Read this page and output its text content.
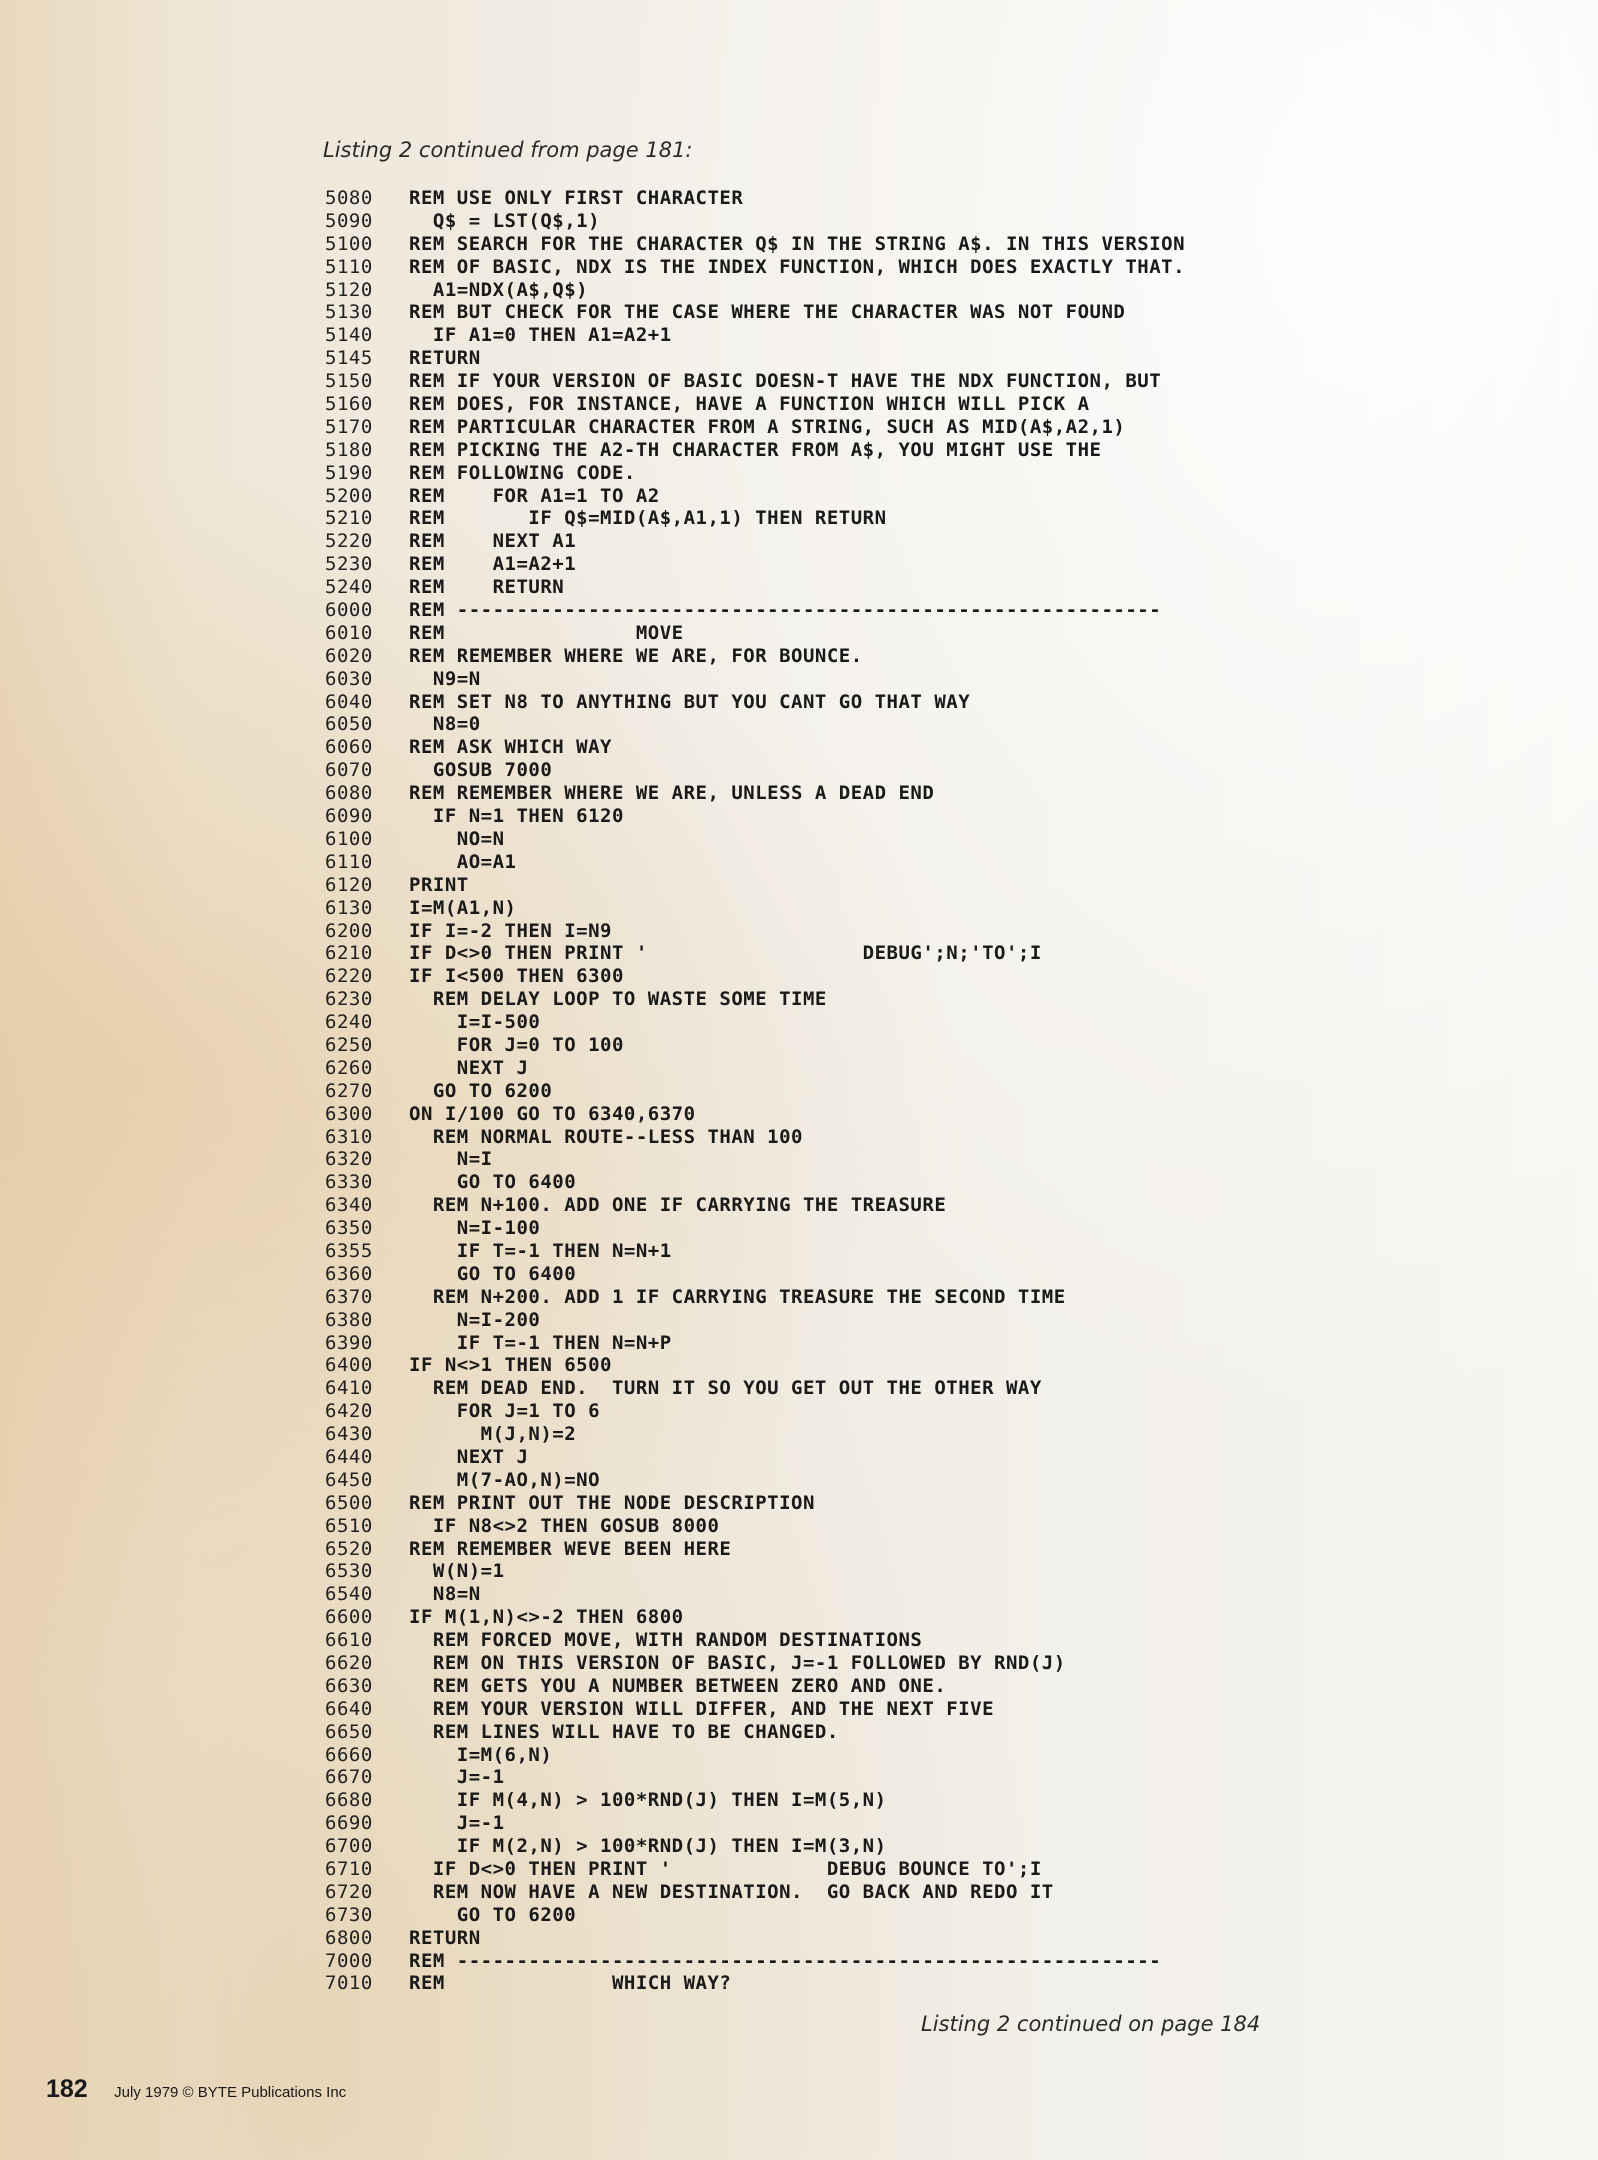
Listing 2 continued from page 181:
5080 REM USE ONLY FIRST CHARACTER
5090  Q$ = LST(Q$,1)
5100 REM SEARCH FOR THE CHARACTER Q$ IN THE STRING A$. IN THIS VERSION
5110 REM OF BASIC, NDX IS THE INDEX FUNCTION, WHICH DOES EXACTLY THAT.
5120  A1=NDX(A$,Q$)
5130 REM BUT CHECK FOR THE CASE WHERE THE CHARACTER WAS NOT FOUND
5140  IF A1=0 THEN A1=A2+1
5145 RETURN
5150 REM IF YOUR VERSION OF BASIC DOESN-T HAVE THE NDX FUNCTION, BUT
5160 REM DOES, FOR INSTANCE, HAVE A FUNCTION WHICH WILL PICK A
5170 REM PARTICULAR CHARACTER FROM A STRING, SUCH AS MID(A$,A2,1)
5180 REM PICKING THE A2-TH CHARACTER FROM A$, YOU MIGHT USE THE
5190 REM FOLLOWING CODE.
5200 REM    FOR A1=1 TO A2
5210 REM       IF Q$=MID(A$,A1,1) THEN RETURN
5220 REM    NEXT A1
5230 REM    A1=A2+1
5240 REM    RETURN
6000 REM -----------------------------------------------------------
6010 REM                MOVE
6020 REM REMEMBER WHERE WE ARE, FOR BOUNCE.
6030  N9=N
6040 REM SET N8 TO ANYTHING BUT YOU CANT GO THAT WAY
6050  N8=0
6060 REM ASK WHICH WAY
6070  GOSUB 7000
6080 REM REMEMBER WHERE WE ARE, UNLESS A DEAD END
6090  IF N=1 THEN 6120
6100    NO=N
6110    AO=A1
6120 PRINT
6130 I=M(A1,N)
6200 IF I=-2 THEN I=N9
6210 IF D<>0 THEN PRINT '                  DEBUG';N;'TO';I
6220 IF I<500 THEN 6300
6230  REM DELAY LOOP TO WASTE SOME TIME
6240    I=I-500
6250    FOR J=0 TO 100
6260    NEXT J
6270  GO TO 6200
6300 ON I/100 GO TO 6340,6370
6310  REM NORMAL ROUTE--LESS THAN 100
6320    N=I
6330    GO TO 6400
6340  REM N+100. ADD ONE IF CARRYING THE TREASURE
6350    N=I-100
6355    IF T=-1 THEN N=N+1
6360    GO TO 6400
6370  REM N+200. ADD 1 IF CARRYING TREASURE THE SECOND TIME
6380    N=I-200
6390    IF T=-1 THEN N=N+P
6400 IF N<>1 THEN 6500
6410  REM DEAD END.  TURN IT SO YOU GET OUT THE OTHER WAY
6420    FOR J=1 TO 6
6430      M(J,N)=2
6440    NEXT J
6450    M(7-AO,N)=NO
6500 REM PRINT OUT THE NODE DESCRIPTION
6510  IF N8<>2 THEN GOSUB 8000
6520 REM REMEMBER WEVE BEEN HERE
6530  W(N)=1
6540  N8=N
6600 IF M(1,N)<>-2 THEN 6800
6610  REM FORCED MOVE, WITH RANDOM DESTINATIONS
6620  REM ON THIS VERSION OF BASIC, J=-1 FOLLOWED BY RND(J)
6630  REM GETS YOU A NUMBER BETWEEN ZERO AND ONE.
6640  REM YOUR VERSION WILL DIFFER, AND THE NEXT FIVE
6650  REM LINES WILL HAVE TO BE CHANGED.
6660    I=M(6,N)
6670    J=-1
6680    IF M(4,N) > 100*RND(J) THEN I=M(5,N)
6690    J=-1
6700    IF M(2,N) > 100*RND(J) THEN I=M(3,N)
6710  IF D<>0 THEN PRINT '             DEBUG BOUNCE TO';I
6720  REM NOW HAVE A NEW DESTINATION.  GO BACK AND REDO IT
6730    GO TO 6200
6800 RETURN
7000 REM -----------------------------------------------------------
7010 REM              WHICH WAY?
Listing 2 continued on page 184
182 July 1979 © BYTE Publications Inc
